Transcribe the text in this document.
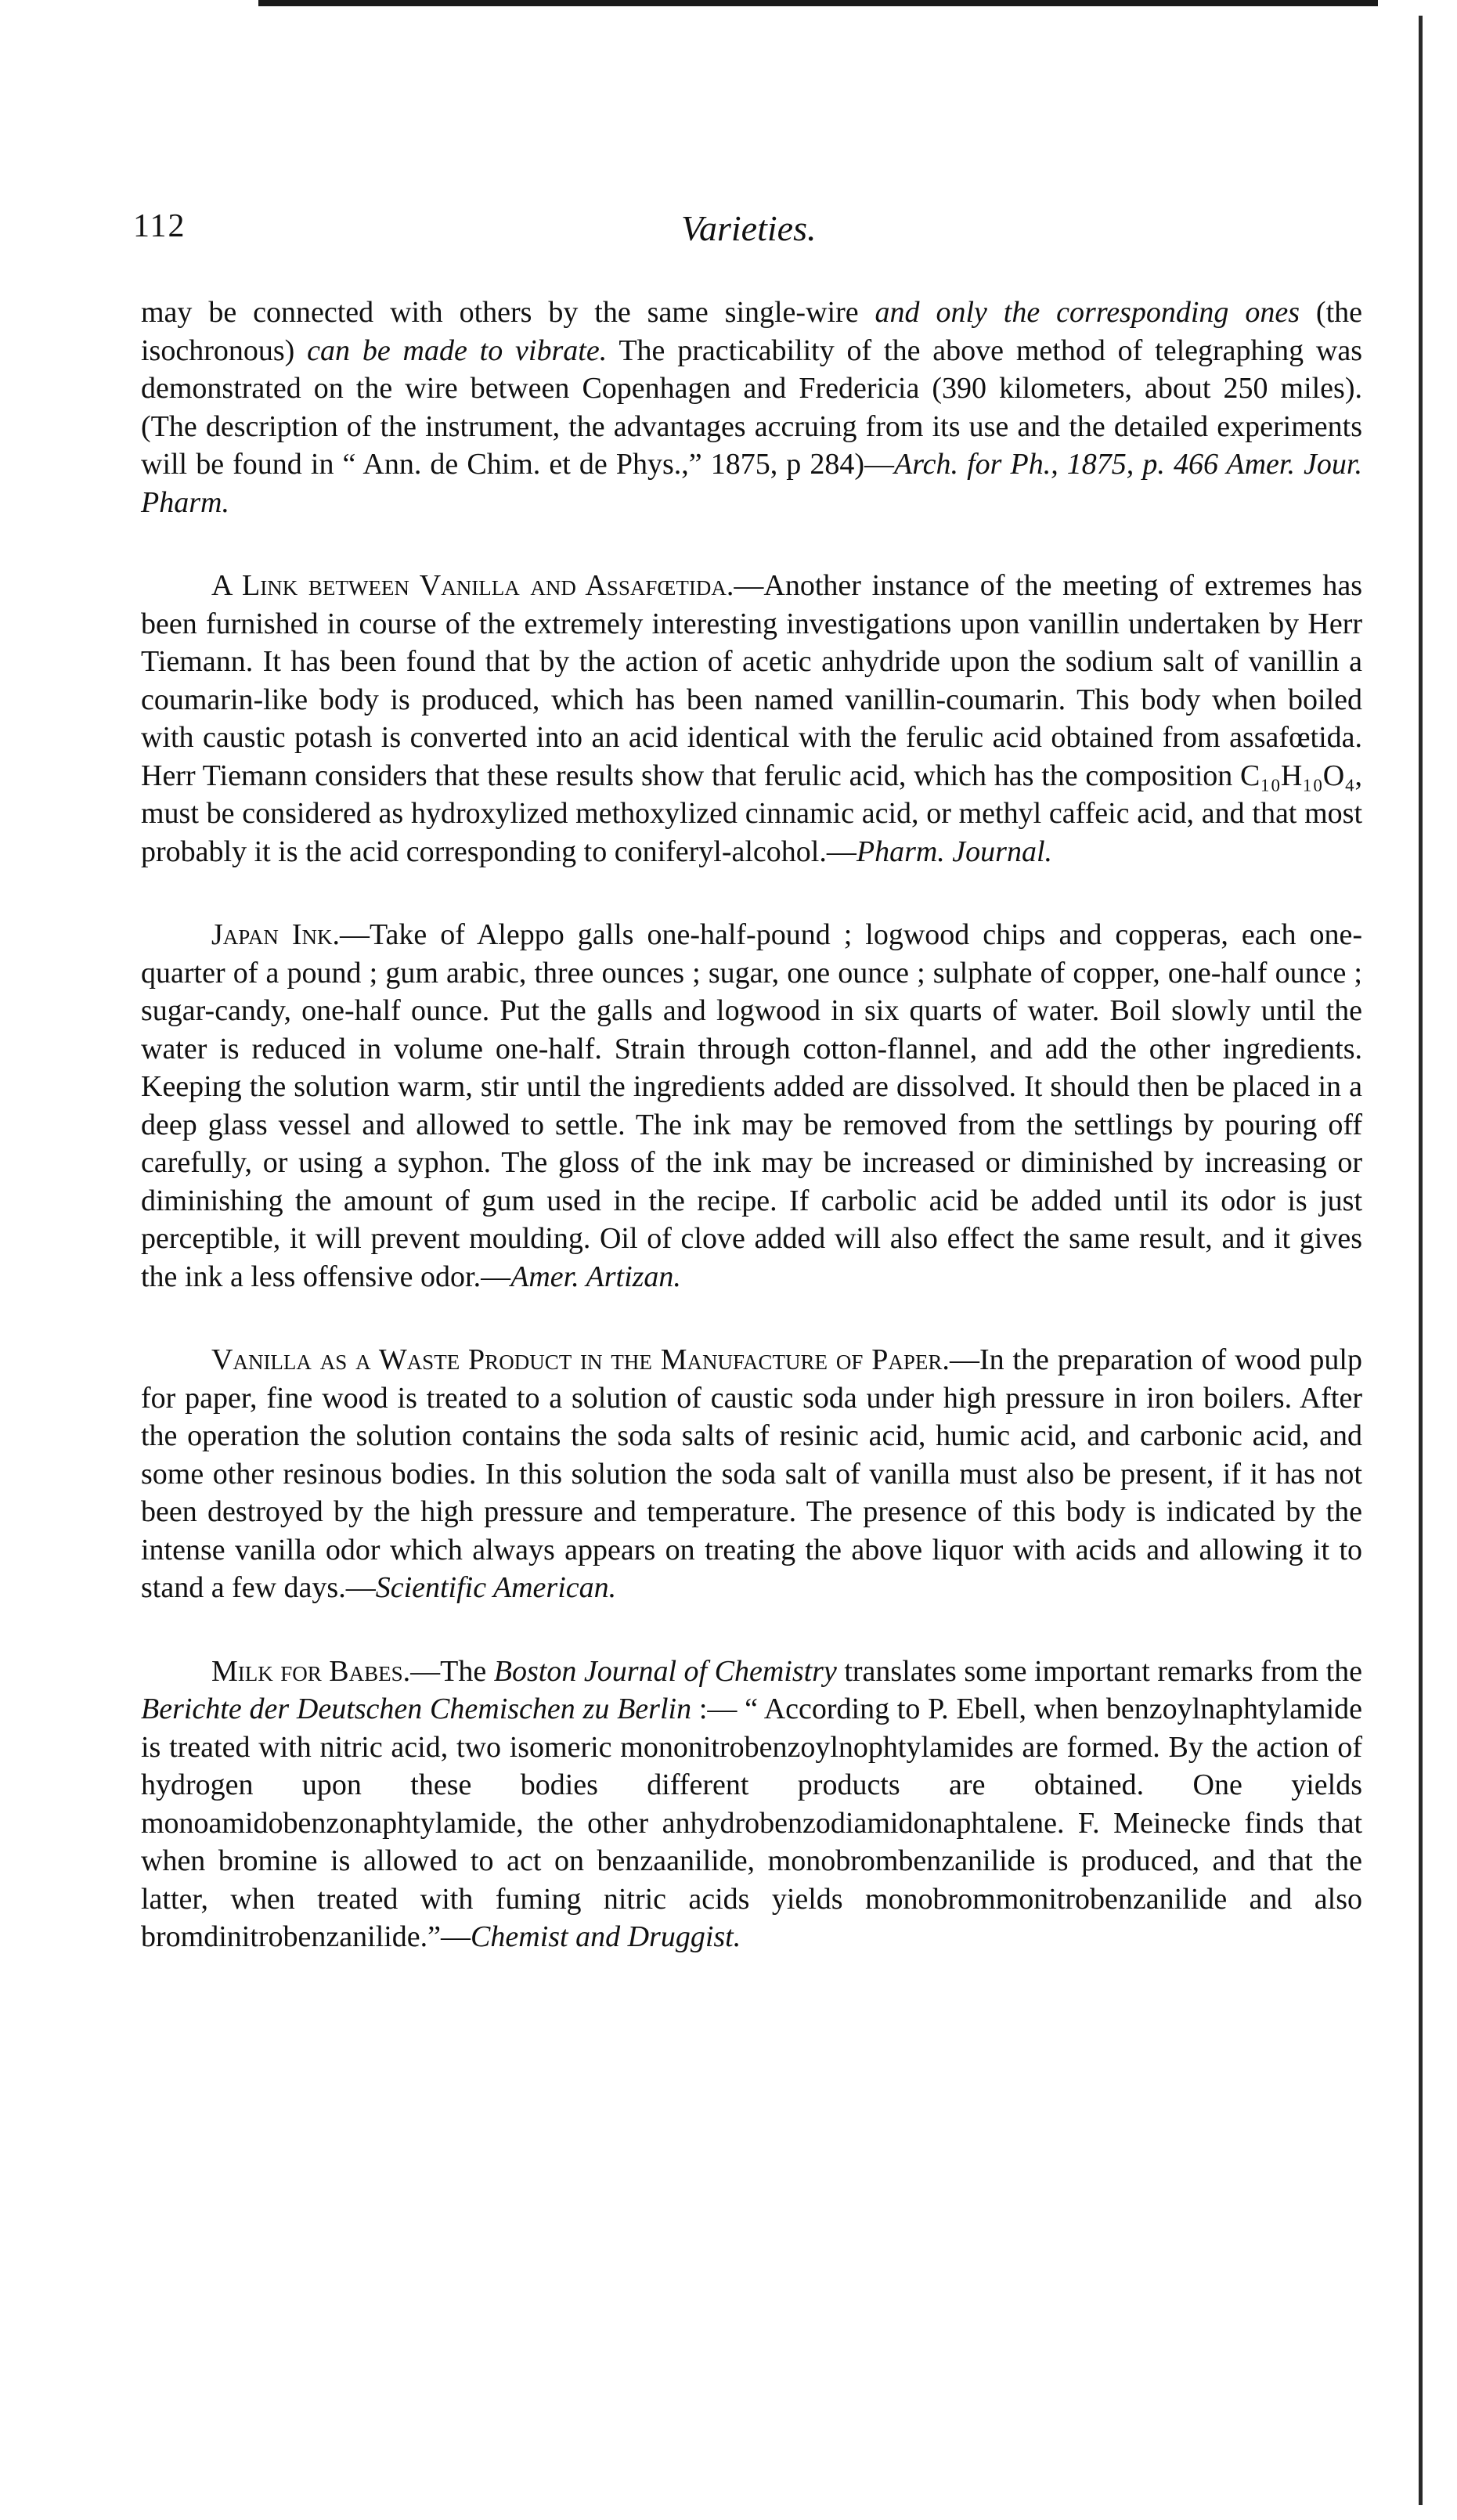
112	Varieties.

may be connected with others by the same single-wire and only the corresponding ones (the isochronous) can be made to vibrate. The practicability of the above method of telegraphing was demonstrated on the wire between Copenhagen and Fredericia (390 kilometers, about 250 miles). (The description of the instrument, the advantages accruing from its use and the detailed experiments will be found in “ Ann. de Chim. et de Phys.,” 1875, p 284)—Arch. for Ph., 1875, p. 466 Amer. Jour. Pharm.

A Link between Vanilla and Assafœtida.—Another instance of the meeting of extremes has been furnished in course of the extremely interesting investigations upon vanillin undertaken by Herr Tiemann. It has been found that by the action of acetic anhydride upon the sodium salt of vanillin a coumarin-like body is produced, which has been named vanillin-coumarin. This body when boiled with caustic potash is converted into an acid identical with the ferulic acid obtained from assafœtida. Herr Tiemann considers that these results show that ferulic acid, which has the composition C₁₀H₁₀O₄, must be considered as hydroxylized methoxylized cinnamic acid, or methyl caffeic acid, and that most probably it is the acid corresponding to coniferyl-alcohol.—Pharm. Journal.

Japan Ink.—Take of Aleppo galls one-half-pound ; logwood chips and copperas, each one-quarter of a pound ; gum arabic, three ounces ; sugar, one ounce ; sulphate of copper, one-half ounce ; sugar-candy, one-half ounce. Put the galls and logwood in six quarts of water. Boil slowly until the water is reduced in volume one-half. Strain through cotton-flannel, and add the other ingredients. Keeping the solution warm, stir until the ingredients added are dissolved. It should then be placed in a deep glass vessel and allowed to settle. The ink may be removed from the settlings by pouring off carefully, or using a syphon. The gloss of the ink may be increased or diminished by increasing or diminishing the amount of gum used in the recipe. If carbolic acid be added until its odor is just perceptible, it will prevent moulding. Oil of clove added will also effect the same result, and it gives the ink a less offensive odor.—Amer. Artizan.

Vanilla as a Waste Product in the Manufacture of Paper.—In the preparation of wood pulp for paper, fine wood is treated to a solution of caustic soda under high pressure in iron boilers. After the operation the solution contains the soda salts of resinic acid, humic acid, and carbonic acid, and some other resinous bodies. In this solution the soda salt of vanilla must also be present, if it has not been destroyed by the high pressure and temperature. The presence of this body is indicated by the intense vanilla odor which always appears on treating the above liquor with acids and allowing it to stand a few days.—Scientific American.

Milk for Babes.—The Boston Journal of Chemistry translates some important remarks from the Berichte der Deutschen Chemischen zu Berlin :— “ According to P. Ebell, when benzoylnaphtylamide is treated with nitric acid, two isomeric mononitrobenzoylnophtylamides are formed. By the action of hydrogen upon these bodies different products are obtained. One yields monoamidobenzonaphtylamide, the other anhydrobenzodiamidonaphtalene. F. Meinecke finds that when bromine is allowed to act on benzaanilide, monobrombenzanilide is produced, and that the latter, when treated with fuming nitric acids yields monobrommonitrobenzanilide and also bromdinitrobenzanilide.”—Chemist and Druggist.
